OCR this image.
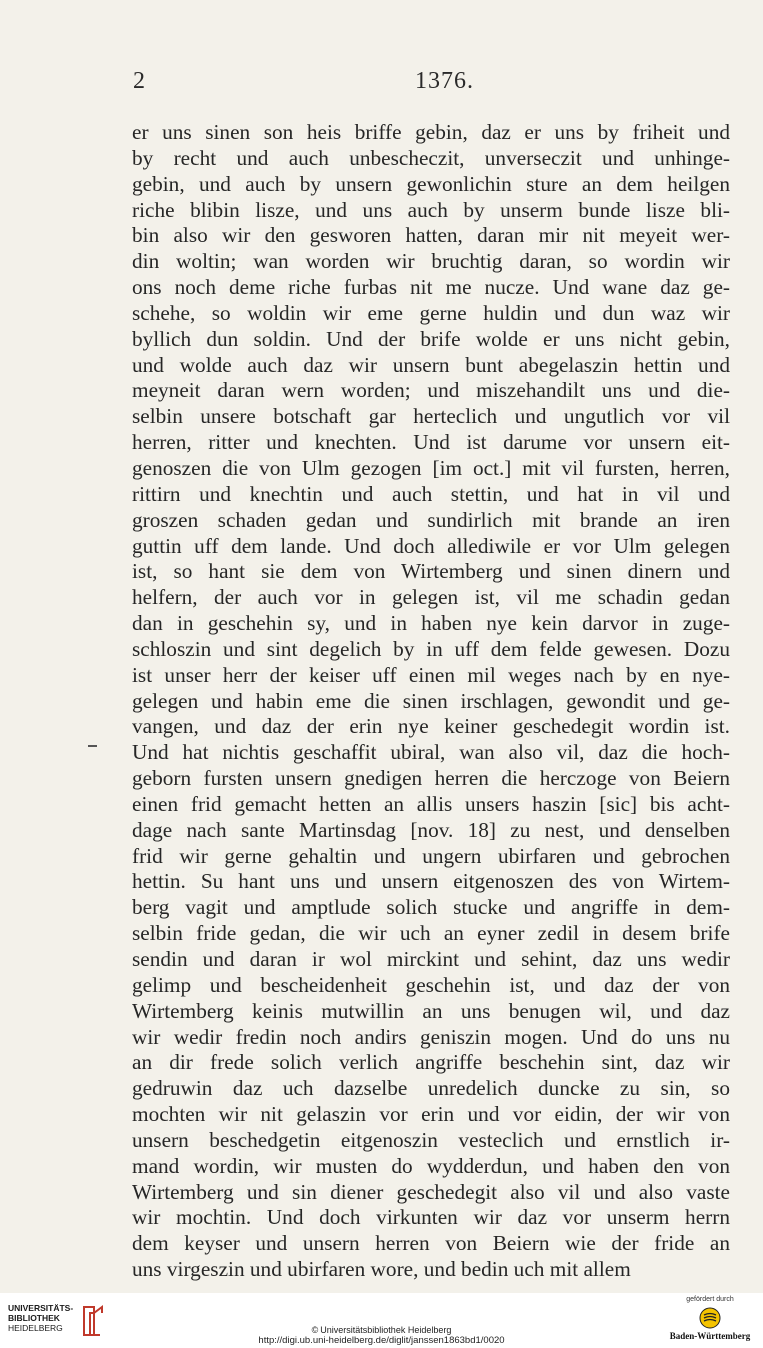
2	1376.
er uns sinen son heis briffe gebin, daz er uns by friheit und
by recht und auch unbescheczit, unverseczit und unhinge-
gebin, und auch by unsern gewonlichin sture an dem heilgen
riche blibin lisze, und uns auch by unserm bunde lisze bli-
bin also wir den gesworen hatten, daran mir nit meyeit wer-
din woltin; wan worden wir bruchtig daran, so wordin wir
ons noch deme riche furbas nit me nucze. Und wane daz ge-
schehe, so woldin wir eme gerne huldin und dun waz wir
byllich dun soldin. Und der brife wolde er uns nicht gebin,
und wolde auch daz wir unsern bunt abegelaszin hettin und
meyneit daran wern worden; und miszehandilt uns und die-
selbin unsere botschaft gar herteclich und ungutlich vor vil
herren, ritter und knechten. Und ist darume vor unsern eit-
genoszen die von Ulm gezogen [im oct.] mit vil fursten, herren,
rittirn und knechtin und auch stettin, und hat in vil und
groszen schaden gedan und sundirlich mit brande an iren
guttin uff dem lande. Und doch allediwile er vor Ulm gelegen
ist, so hant sie dem von Wirtemberg und sinen dinern und
helfern, der auch vor in gelegen ist, vil me schadin gedan
dan in geschehin sy, und in haben nye kein darvor in zuge-
schloszin und sint degelich by in uff dem felde gewesen. Dozu
ist unser herr der keiser uff einen mil weges nach by en nye-
gelegen und habin eme die sinen irschlagen, gewondit und ge-
vangen, und daz der erin nye keiner geschedegit wordin ist.
Und hat nichtis geschaffit ubiral, wan also vil, daz die hoch-
geborn fursten unsern gnedigen herren die herczoge von Beiern
einen frid gemacht hetten an allis unsers haszin [sic] bis acht-
dage nach sante Martinsdag [nov. 18] zu nest, und denselben
frid wir gerne gehaltin und ungern ubirfaren und gebrochen
hettin. Su hant uns und unsern eitgenoszen des von Wirtem-
berg vagit und amptlude solich stucke und angriffe in dem-
selbin fride gedan, die wir uch an eyner zedil in desem brife
sendin und daran ir wol mirckint und sehint, daz uns wedir
gelimp und bescheidenheit geschehin ist, und daz der von
Wirtemberg keinis mutwillin an uns benugen wil, und daz
wir wedir fredin noch andirs geniszin mogen. Und do uns nu
an dir frede solich verlich angriffe beschehin sint, daz wir
gedruwin daz uch dazselbe unredelich duncke zu sin, so
mochten wir nit gelaszin vor erin und vor eidin, der wir von
unsern beschedgetin eitgenoszin vesteclich und ernstlich ir-
mand wordin, wir musten do wydderdun, und haben den von
Wirtemberg und sin diener geschedegit also vil und also vaste
wir mochtin. Und doch virkunten wir daz vor unserm herrn
dem keyser und unsern herren von Beiern wie der fride an
uns virgeszin und ubirfaren wore, und bedin uch mit allem
UNIVERSITÄTS-
BIBLIOTHEK
HEIDELBERG	© Universitätsbibliothek Heidelberg
http://digi.ub.uni-heidelberg.de/diglit/janssen1863bd1/0020
gefördert durch
Baden-Württemberg
